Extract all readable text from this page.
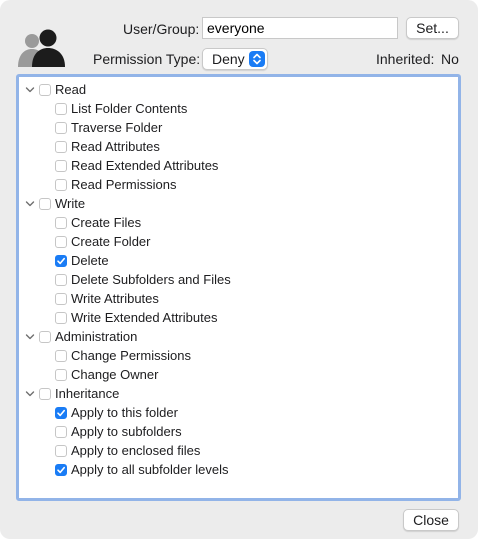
User/Group: everyone	Set...
Permission Type: Deny	Inherited: No
Read
List Folder Contents
Traverse Folder
Read Attributes
Read Extended Attributes
Read Permissions
Write
Create Files
Create Folder
Delete
Delete Subfolders and Files
Write Attributes
Write Extended Attributes
Administration
Change Permissions
Change Owner
Inheritance
Apply to this folder
Apply to subfolders
Apply to enclosed files
Apply to all subfolder levels
Close
